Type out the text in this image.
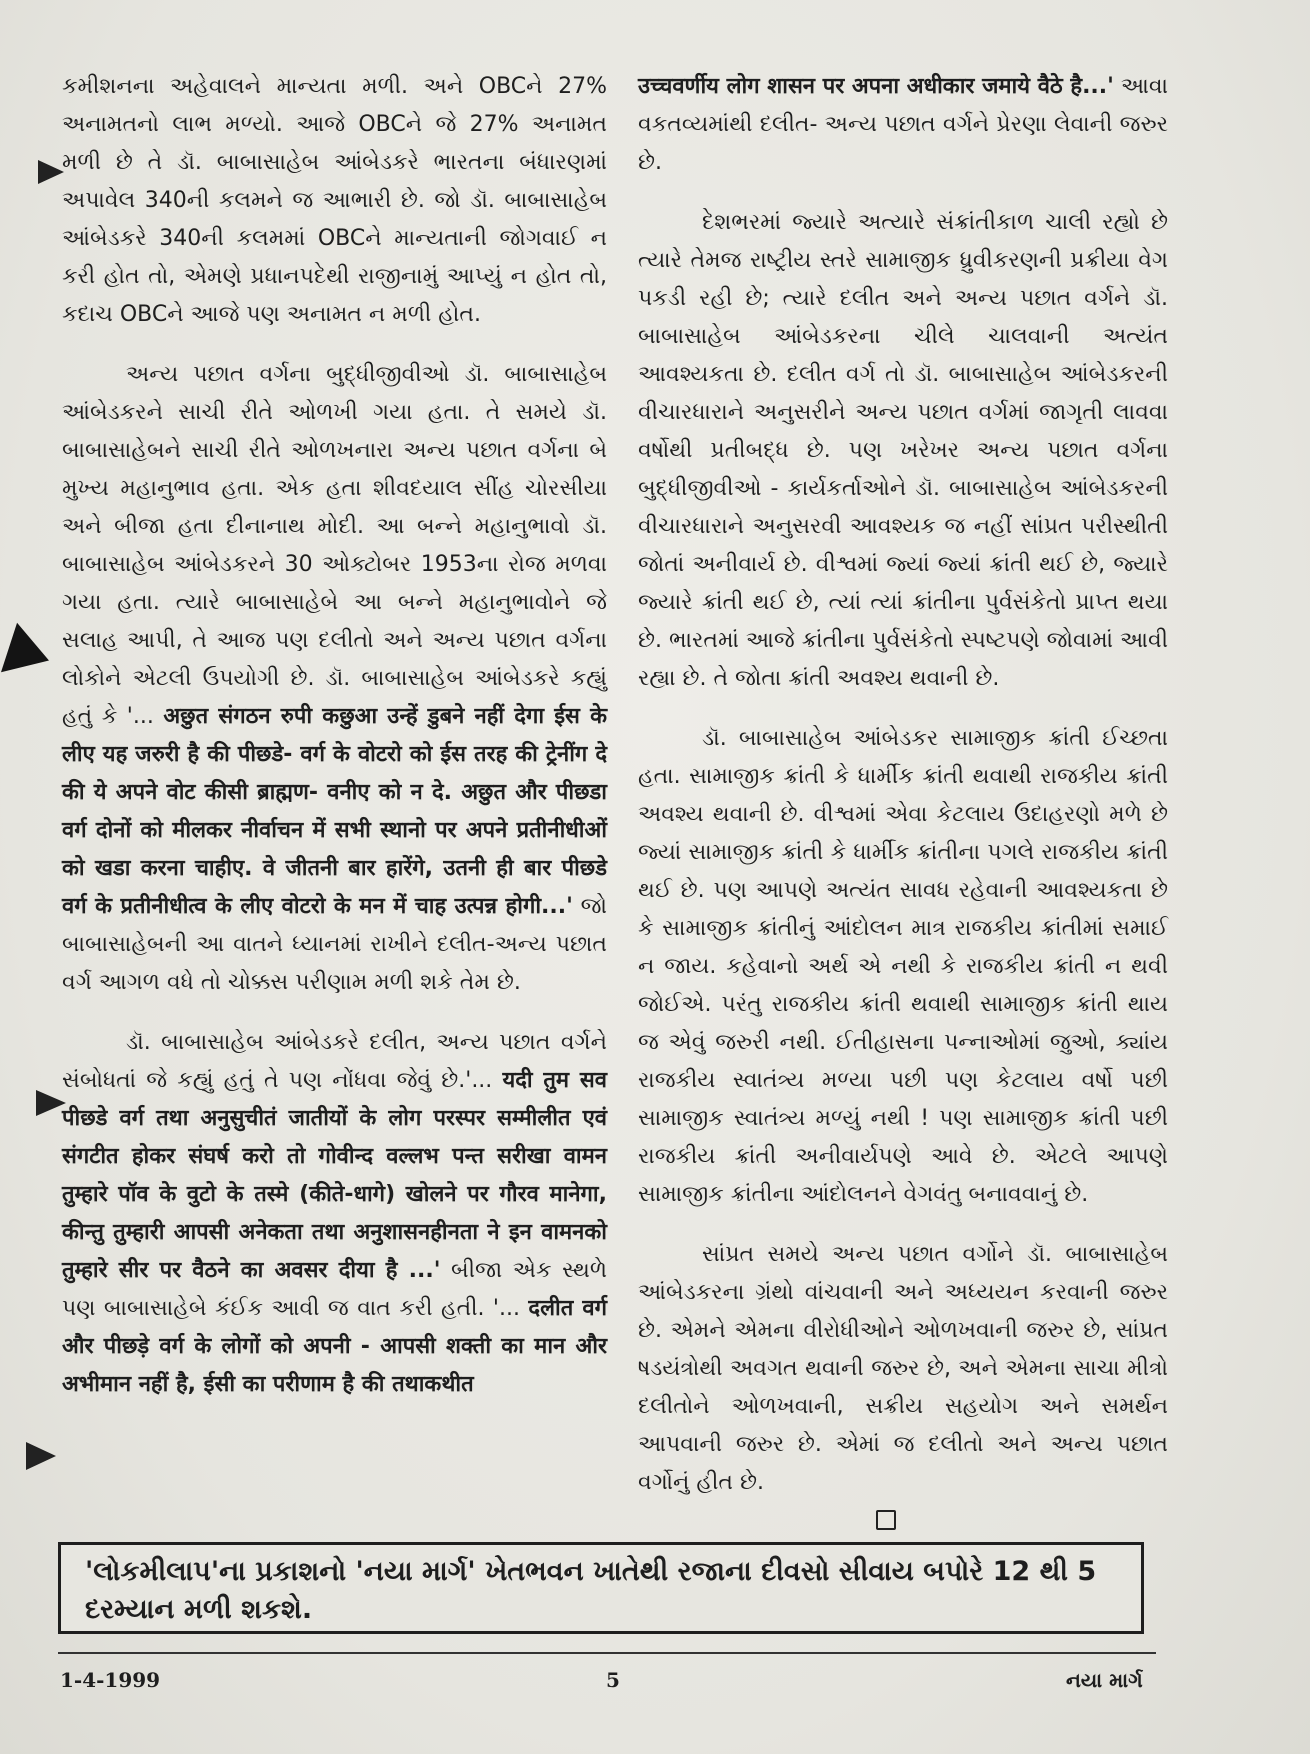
કમીશનના અહેવાલને માન્યતા મળી. અને OBCને 27% અનામતનો લાભ મળ્યો. આજે OBCને જે 27% અનામત મળી છે તે ડૉ. બાબાસાહેબ આંબેડકરે ભારતના બંધારણમાં અપાવેલ 340ની કલમને જ આભારી છે. જો ડૉ. બાબાસાહેબ આંબેડકરે 340ની કલમમાં OBCને માન્યતાની જોગવાઈ ન કરી હોત તો, એમણે પ્રધાનપદેથી રાજીનામું આપ્યું ન હોત તો, કદાચ OBCને આજે પણ અનામત ન મળી હોત.

અન્ય પછાત વર્ગના બુદ્ધીજીવીઓ ડૉ. બાબાસાહેબ આંબેડકરને સાચી રીતે ઓળખી ગયા હતા. તે સમયે ડૉ. બાબાસાહેબને સાચી રીતે ઓળખનારા અન્ય પછાત વર્ગના બે મુખ્ય મહાનુભાવ હતા. એક હતા શીવદયાલ સીંહ ચોરસીયા અને બીજા હતા દીનાનાથ મોદી. આ બન્ને મહાનુભાવો ડૉ. બાબાસાહેબ આંબેડકરને 30 ઓક્ટોબર 1953ના રોજ મળવા ગયા હતા. ત્યારે બાબાસાહેબે આ બન્ને મહાનુભાવોને જે સલાહ આપી, તે આજ પણ દલીતો અને અન્ય પછાત વર્ગના લોકોને એટલી ઉપયોગી છે. ડૉ. બાબાસાહેબ આંબેડકરે કહ્યું હતું કે '... अछुत संगठन रुपी कछुआ उन्हें डुबने नहीं देगा ईस के लीए यह जरुरी है की पीछडे- वर्ग के वोटरो को ईस तरह की ट्रेनींग दे की ये अपने वोट कीसी ब्राह्मण- वनीए को न दे. अछुत और पीछडा वर्ग दोनों को मीलकर नीर्वाचन में सभी स्थानो पर अपने प्रतीनीधीओं को खडा करना चाहीए. वे जीतनी बार हारेंगे, उतनी ही बार पीछडे वर्ग के प्रतीनीधीत्व के लीए वोटरो के मन में चाह उत्पन्न होगी...' જો બાબાસાહેબની આ વાતને ધ્યાનમાં રાખીને દલીત-અન્ય પછાત વર્ગ આગળ વધે તો ચોક્કસ પરીણામ મળી શકે તેમ છે.

ડૉ. બાબાસાહેબ આંબેડકરે દલીત, અન્ય પછાત વર્ગને સંબોધતાં જે કહ્યું હતું તે પણ નોંધવા જેવું છે.'... यदी तुम सव पीछडे वर्ग तथा अनुसुचीतं जातीयों के लोग परस्पर सम्मीलीत एवं संगटीत होकर संघर्ष करो तो गोवीन्द वल्लभ पन्त सरीखा वामन तुम्हारे पॉव के वुटो के तस्मे (कीते-धागे) खोलने पर गौरव मानेगा, कीन्तु तुम्हारी आपसी अनेकता तथा अनुशासनहीनता ने इन वामनको तुम्हारे सीर पर वैठने का अवसर दीया है ...' બીજા એક સ્થળે પણ બાબાસાહેબે કંઈક આવી જ વાત કરી હતી. '... दलीत वर्ग और पीछड़े वर्ग के लोगों को अपनी - आपसी शक्ती का मान और अभीमान नहीं है, ईसी का परीणाम है की तथाकथीत

उच्चवर्णीय लोग शासन पर अपना अधीकार जमाये वैठे है...' આવા વકતવ્યમાંથી દલીત- અન્ય પછાત વર્ગને પ્રેરણા લેવાની જરુર છે.

દેશભરમાં જ્યારે અત્યારે સંક્રાંતીકાળ ચાલી રહ્યો છે ત્યારે તેમજ રાષ્ટ્રીય સ્તરે સામાજીક ધ્રુવીકરણની પ્રક્રીયા વેગ પકડી રહી છે; ત્યારે દલીત અને અન્ય પછાત વર્ગને ડૉ. બાબાસાહેબ આંબેડકરના ચીલે ચાલવાની અત્યંત આવશ્યકતા છે. દલીત વર્ગ તો ડૉ. બાબાસાહેબ આંબેડકરની વીચારધારાને અનુસરીને અન્ય પછાત વર્ગમાં જાગૃતી લાવવા વર્ષોથી પ્રતીબદ્ધ છે. પણ ખરેખર અન્ય પછાત વર્ગના બુદ્ધીજીવીઓ - કાર્યકર્તાઓને ડૉ. બાબાસાહેબ આંબેડકરની વીચારધારાને અનુસરવી આવશ્યક જ નહીં સાંપ્રત પરીસ્થીતી જોતાં અનીવાર્ય છે. વીશ્વમાં જ્યાં જ્યાં ક્રાંતી થઈ છે, જ્યારે જ્યારે ક્રાંતી થઈ છે, ત્યાં ત્યાં ક્રાંતીના પુર્વસંકેતો પ્રાપ્ત થયા છે. ભારતમાં આજે ક્રાંતીના પુર્વસંકેતો સ્પષ્ટપણે જોવામાં આવી રહ્યા છે. તે જોતા ક્રાંતી અવશ્ય થવાની છે.

ડૉ. બાબાસાહેબ આંબેડકર સામાજીક ક્રાંતી ઈચ્છતા હતા. સામાજીક ક્રાંતી કે ધાર્મીક ક્રાંતી થવાથી રાજકીય ક્રાંતી અવશ્ય થવાની છે. વીશ્વમાં એવા કેટલાય ઉદાહરણો મળે છે જ્યાં સામાજીક ક્રાંતી કે ધાર્મીક ક્રાંતીના પગલે રાજકીય ક્રાંતી થઈ છે. પણ આપણે અત્યંત સાવધ રહેવાની આવશ્યકતા છે કે સામાજીક ક્રાંતીનું આંદોલન માત્ર રાજકીય ક્રાંતીમાં સમાઈ ન જાય. કહેવાનો અર્થ એ નથી કે રાજકીય ક્રાંતી ન થવી જોઈએ. પરંતુ રાજકીય ક્રાંતી થવાથી સામાજીક ક્રાંતી થાય જ એવું જરુરી નથી. ઈતીહાસના પન્નાઓમાં જુઓ, ક્યાંય રાજકીય સ્વાતંત્ર્ય મળ્યા પછી પણ કેટલાય વર્ષો પછી સામાજીક સ્વાતંત્ર્ય મળ્યું નથી ! પણ સામાજીક ક્રાંતી પછી રાજકીય ક્રાંતી અનીવાર્યપણે આવે છે. એટલે આપણે સામાજીક ક્રાંતીના આંદોલનને વેગવંતુ બનાવવાનું છે.

સાંપ્રત સમયે અન્ય પછાત વર્ગોને ડૉ. બાબાસાહેબ આંબેડકરના ગ્રંથો વાંચવાની અને અધ્યયન કરવાની જરુર છે. એમને એમના વીરોધીઓને ઓળખવાની જરુર છે, સાંપ્રત ષડયંત્રોથી અવગત થવાની જરુર છે, અને એમના સાચા મીત્રો દલીતોને ઓળખવાની, સક્રીય સહયોગ અને સમર્થન આપવાની જરુર છે. એમાં જ દલીતો અને અન્ય પછાત વર્ગોનું હીત છે.

'લોકમીલાપ'ના પ્રકાશનો 'નયા માર્ગ' ખેતભવન ખાતેથી રજાના દીવસો સીવાય બપોરે 12 થી 5 દરમ્યાન મળી શકશે.
1-4-1999	5	નયા માર્ગ
